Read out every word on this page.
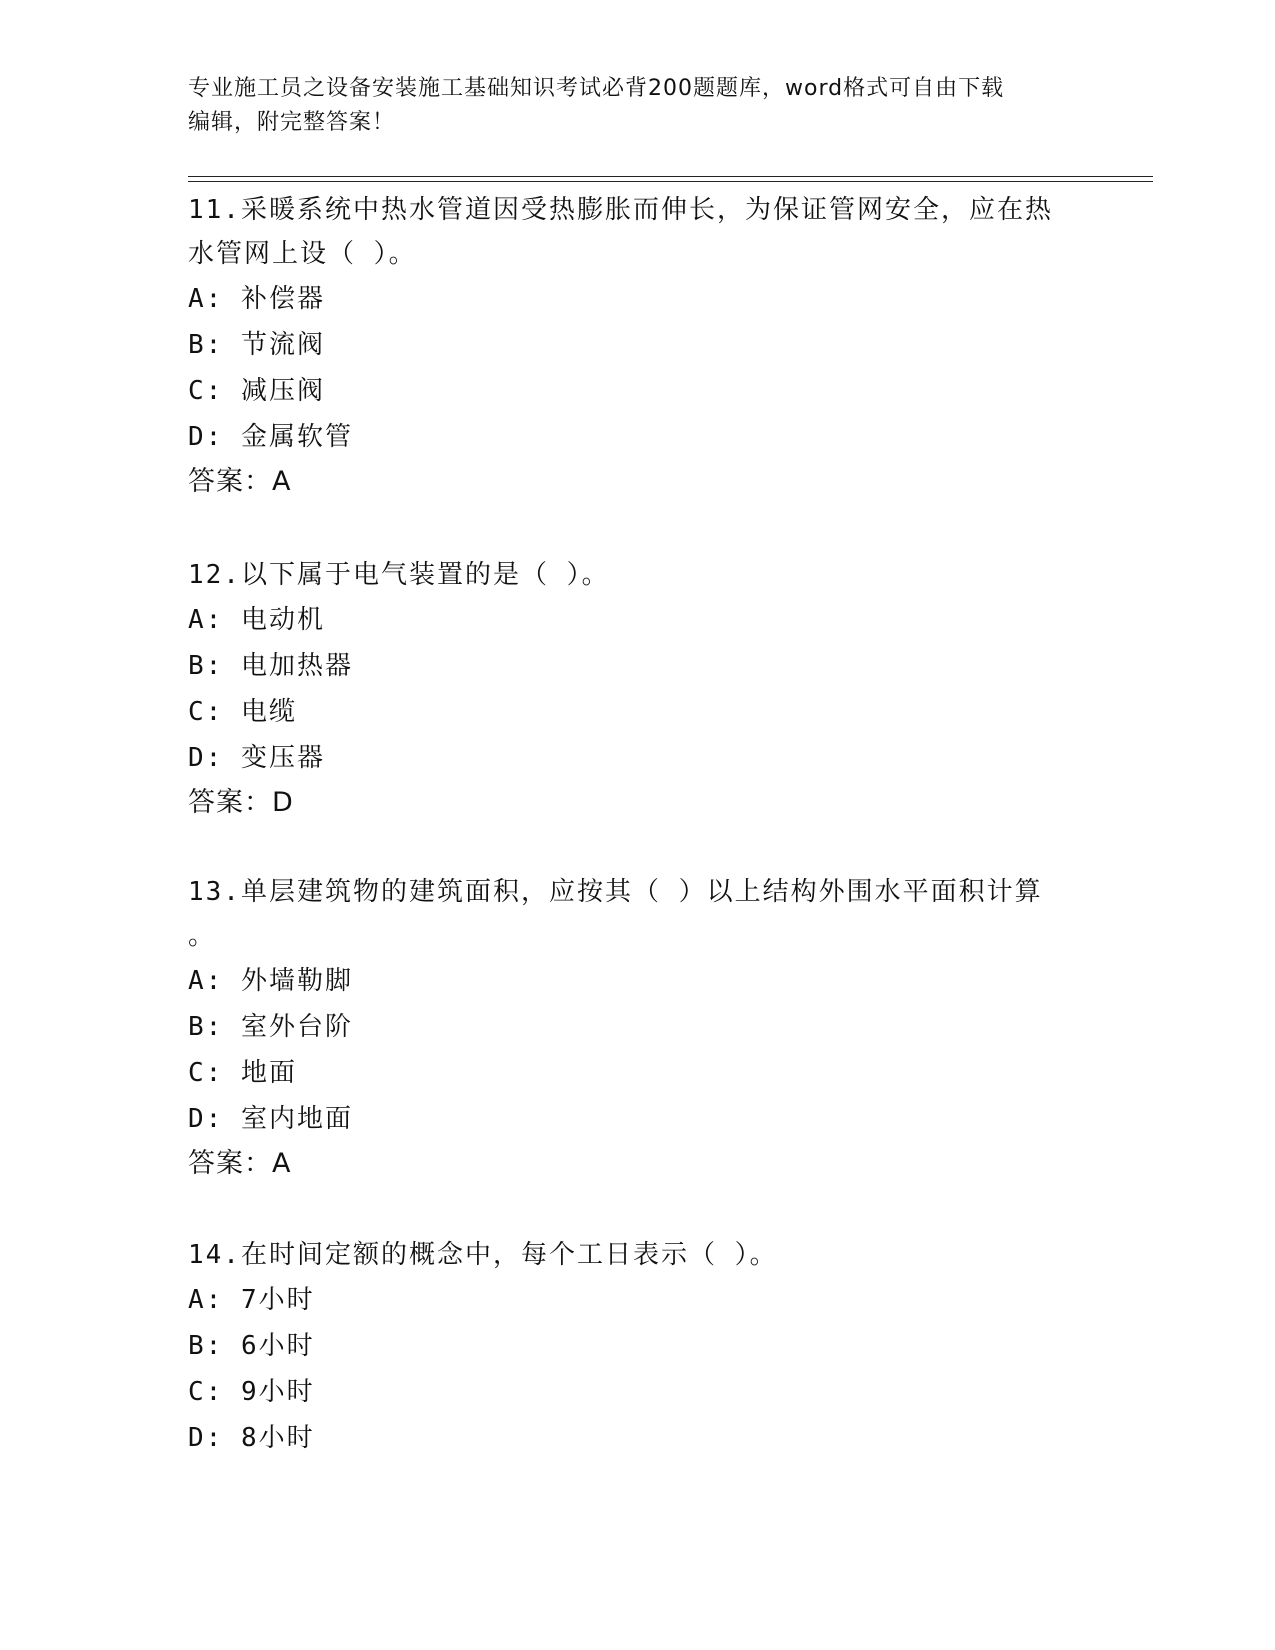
专业施工员之设备安装施工基础知识考试必背200题题库，word格式可自由下载
编辑，附完整答案！
11.采暖系统中热水管道因受热膨胀而伸长，为保证管网安全，应在热
水管网上设（ ）。
A: 补偿器
B: 节流阀
C: 减压阀
D: 金属软管
答案：A
12.以下属于电气装置的是（ ）。
A: 电动机
B: 电加热器
C: 电缆
D: 变压器
答案：D
13.单层建筑物的建筑面积，应按其（ ）以上结构外围水平面积计算
。
A: 外墙勒脚
B: 室外台阶
C: 地面
D: 室内地面
答案：A
14.在时间定额的概念中，每个工日表示（ ）。
A: 7小时
B: 6小时
C: 9小时
D: 8小时
